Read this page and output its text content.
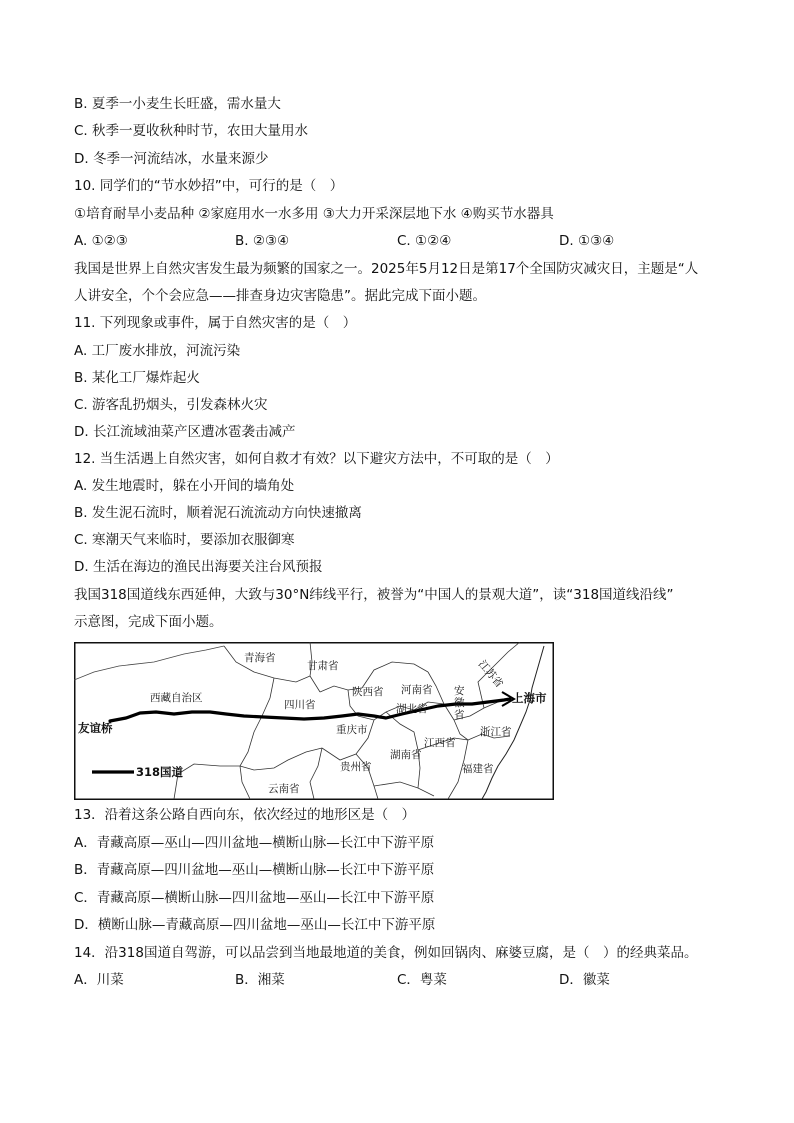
B. 夏季一小麦生长旺盛，需水量大
C. 秋季一夏收秋种时节，农田大量用水
D. 冬季一河流结冰，水量来源少
10. 同学们的“节水妙招”中，可行的是（　）
①培育耐旱小麦品种 ②家庭用水一水多用 ③大力开采深层地下水 ④购买节水器具
A. ①②③	B. ②③④	C. ①②④	D. ①③④
我国是世界上自然灾害发生最为频繁的国家之一。2025年5月12日是第17个全国防灾减灾日，主题是“人
人讲安全，个个会应急——排查身边灾害隐患”。据此完成下面小题。
11. 下列现象或事件，属于自然灾害的是（　）
A. 工厂废水排放，河流污染
B. 某化工厂爆炸起火
C. 游客乱扔烟头，引发森林火灾
D. 长江流域油菜产区遭冰雹袭击减产
12. 当生活遇上自然灾害，如何自救才有效？以下避灾方法中，不可取的是（　）
A. 发生地震时，躲在小开间的墙角处
B. 发生泥石流时，顺着泥石流流动方向快速撤离
C. 寒潮天气来临时，要添加衣服御寒
D. 生活在海边的渔民出海要关注台风预报
我国318国道线东西延伸，大致与30°N纬线平行，被誉为“中国人的景观大道”，读“318国道线沿线”
示意图，完成下面小题。
青海省
甘肃省
西藏自治区
四川省
陕西省 河南省 安
徽
省
江苏省
上海市
湖北省
重庆市	浙江省
江西省
湖南省
贵州省
云南省
福建省
友谊桥
318国道
13．沿着这条公路自西向东，依次经过的地形区是（　）
A．青藏高原—巫山—四川盆地—横断山脉—长江中下游平原
B．青藏高原—四川盆地—巫山—横断山脉—长江中下游平原
C．青藏高原—横断山脉—四川盆地—巫山—长江中下游平原
D．横断山脉—青藏高原—四川盆地—巫山—长江中下游平原
14．沿318国道自驾游，可以品尝到当地最地道的美食，例如回锅肉、麻婆豆腐，是（　）的经典菜品。
A．川菜	B．湘菜	C．粤菜	D．徽菜
